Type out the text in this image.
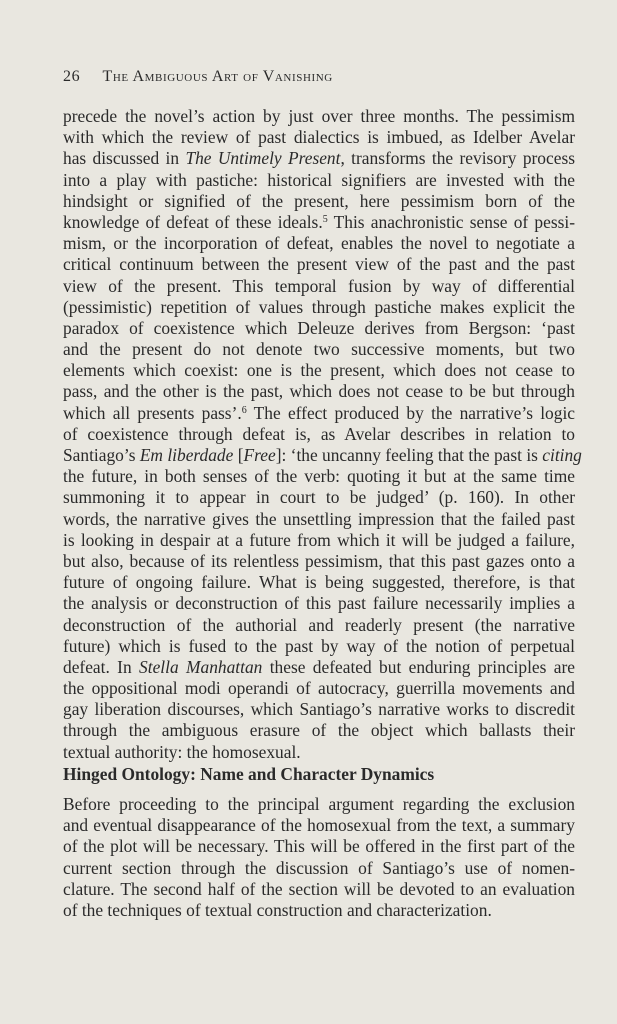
26 The Ambiguous Art of Vanishing
precede the novel’s action by just over three months. The pessimism
with which the review of past dialectics is imbued, as Idelber Avelar
has discussed in The Untimely Present, transforms the revisory process
into a play with pastiche: historical signifiers are invested with the
hindsight or signified of the present, here pessimism born of the
knowledge of defeat of these ideals.$^5$ This anachronistic sense of pessi-
mism, or the incorporation of defeat, enables the novel to negotiate a
critical continuum between the present view of the past and the past
view of the present. This temporal fusion by way of differential
(pessimistic) repetition of values through pastiche makes explicit the
paradox of coexistence which Deleuze derives from Bergson: ‘past
and the present do not denote two successive moments, but two
elements which coexist: one is the present, which does not cease to
pass, and the other is the past, which does not cease to be but through
which all presents pass’.$^6$ The effect produced by the narrative’s logic
of coexistence through defeat is, as Avelar describes in relation to
Santiago’s Em liberdade [Free]: ‘the uncanny feeling that the past is citing
the future, in both senses of the verb: quoting it but at the same time
summoning it to appear in court to be judged’ (p. 160). In other
words, the narrative gives the unsettling impression that the failed past
is looking in despair at a future from which it will be judged a failure,
but also, because of its relentless pessimism, that this past gazes onto a
future of ongoing failure. What is being suggested, therefore, is that
the analysis or deconstruction of this past failure necessarily implies a
deconstruction of the authorial and readerly present (the narrative
future) which is fused to the past by way of the notion of perpetual
defeat. In Stella Manhattan these defeated but enduring principles are
the oppositional modi operandi of autocracy, guerrilla movements and
gay liberation discourses, which Santiago’s narrative works to discredit
through the ambiguous erasure of the object which ballasts their
textual authority: the homosexual.
Hinged Ontology: Name and Character Dynamics
Before proceeding to the principal argument regarding the exclusion
and eventual disappearance of the homosexual from the text, a summary
of the plot will be necessary. This will be offered in the first part of the
current section through the discussion of Santiago’s use of nomen-
clature. The second half of the section will be devoted to an evaluation
of the techniques of textual construction and characterization.
